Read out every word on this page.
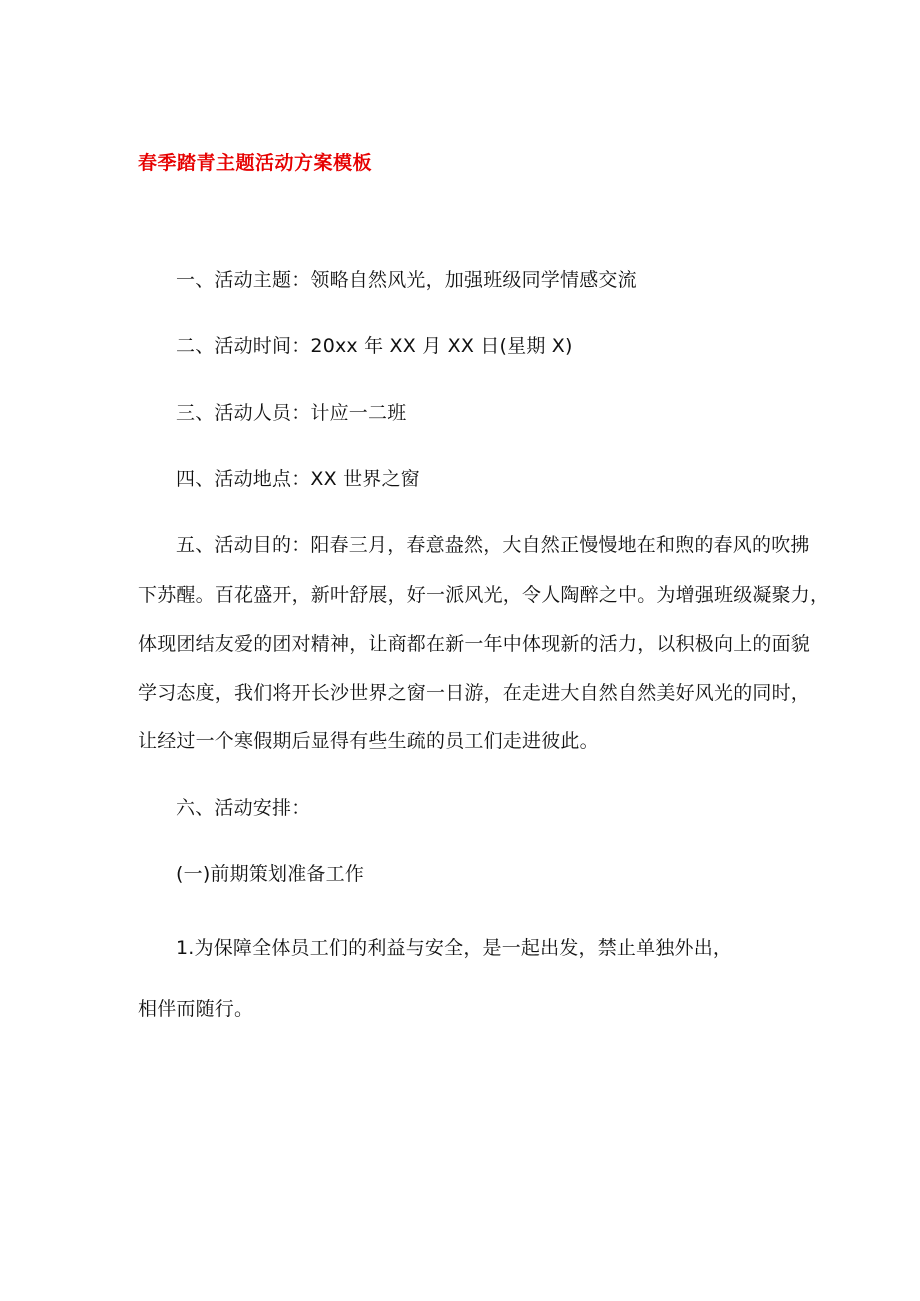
春季踏青主题活动方案模板
一、活动主题：领略自然风光，加强班级同学情感交流
二、活动时间：20xx 年 XX 月 XX 日(星期 X)
三、活动人员：计应一二班
四、活动地点：XX 世界之窗
五、活动目的：阳春三月，春意盎然，大自然正慢慢地在和煦的春风的吹拂
下苏醒。百花盛开，新叶舒展，好一派风光，令人陶醉之中。为增强班级凝聚力，
体现团结友爱的团对精神，让商都在新一年中体现新的活力，以积极向上的面貌
学习态度，我们将开长沙世界之窗一日游，在走进大自然自然美好风光的同时，
让经过一个寒假期后显得有些生疏的员工们走进彼此。
六、活动安排：
(一)前期策划准备工作
1.为保障全体员工们的利益与安全，是一起出发，禁止单独外出，
相伴而随行。
